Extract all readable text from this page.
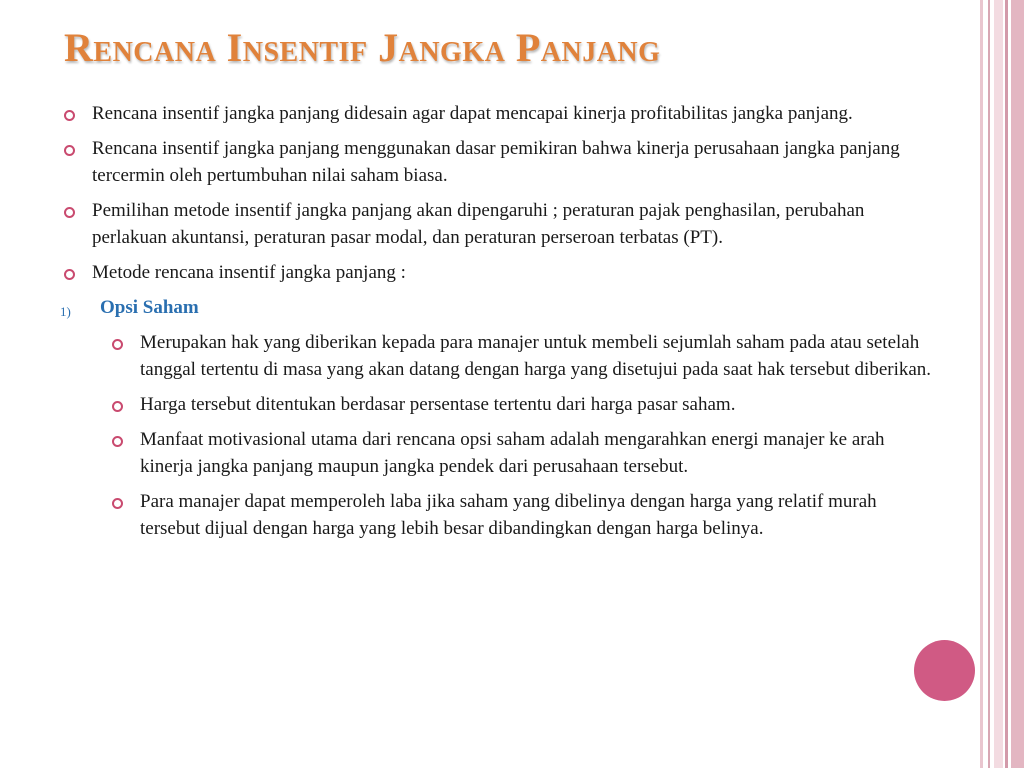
Rencana Insentif Jangka Panjang
Rencana insentif jangka panjang didesain agar dapat mencapai kinerja profitabilitas jangka panjang.
Rencana insentif jangka panjang menggunakan dasar pemikiran bahwa kinerja perusahaan jangka panjang tercermin oleh pertumbuhan nilai saham biasa.
Pemilihan metode insentif jangka panjang akan dipengaruhi ; peraturan pajak penghasilan, perubahan perlakuan akuntansi, peraturan pasar modal, dan peraturan perseroan terbatas (PT).
Metode rencana insentif jangka panjang :
1) Opsi Saham
Merupakan hak yang diberikan kepada para manajer untuk membeli sejumlah saham pada atau setelah tanggal tertentu di masa yang akan datang dengan harga yang disetujui pada saat hak tersebut diberikan.
Harga tersebut ditentukan berdasar persentase tertentu dari harga pasar saham.
Manfaat motivasional utama dari rencana opsi saham adalah mengarahkan energi manajer ke arah kinerja jangka panjang maupun jangka pendek dari perusahaan tersebut.
Para manajer dapat memperoleh laba jika saham yang dibelinya dengan harga yang relatif murah tersebut dijual dengan harga yang lebih besar dibandingkan dengan harga belinya.
